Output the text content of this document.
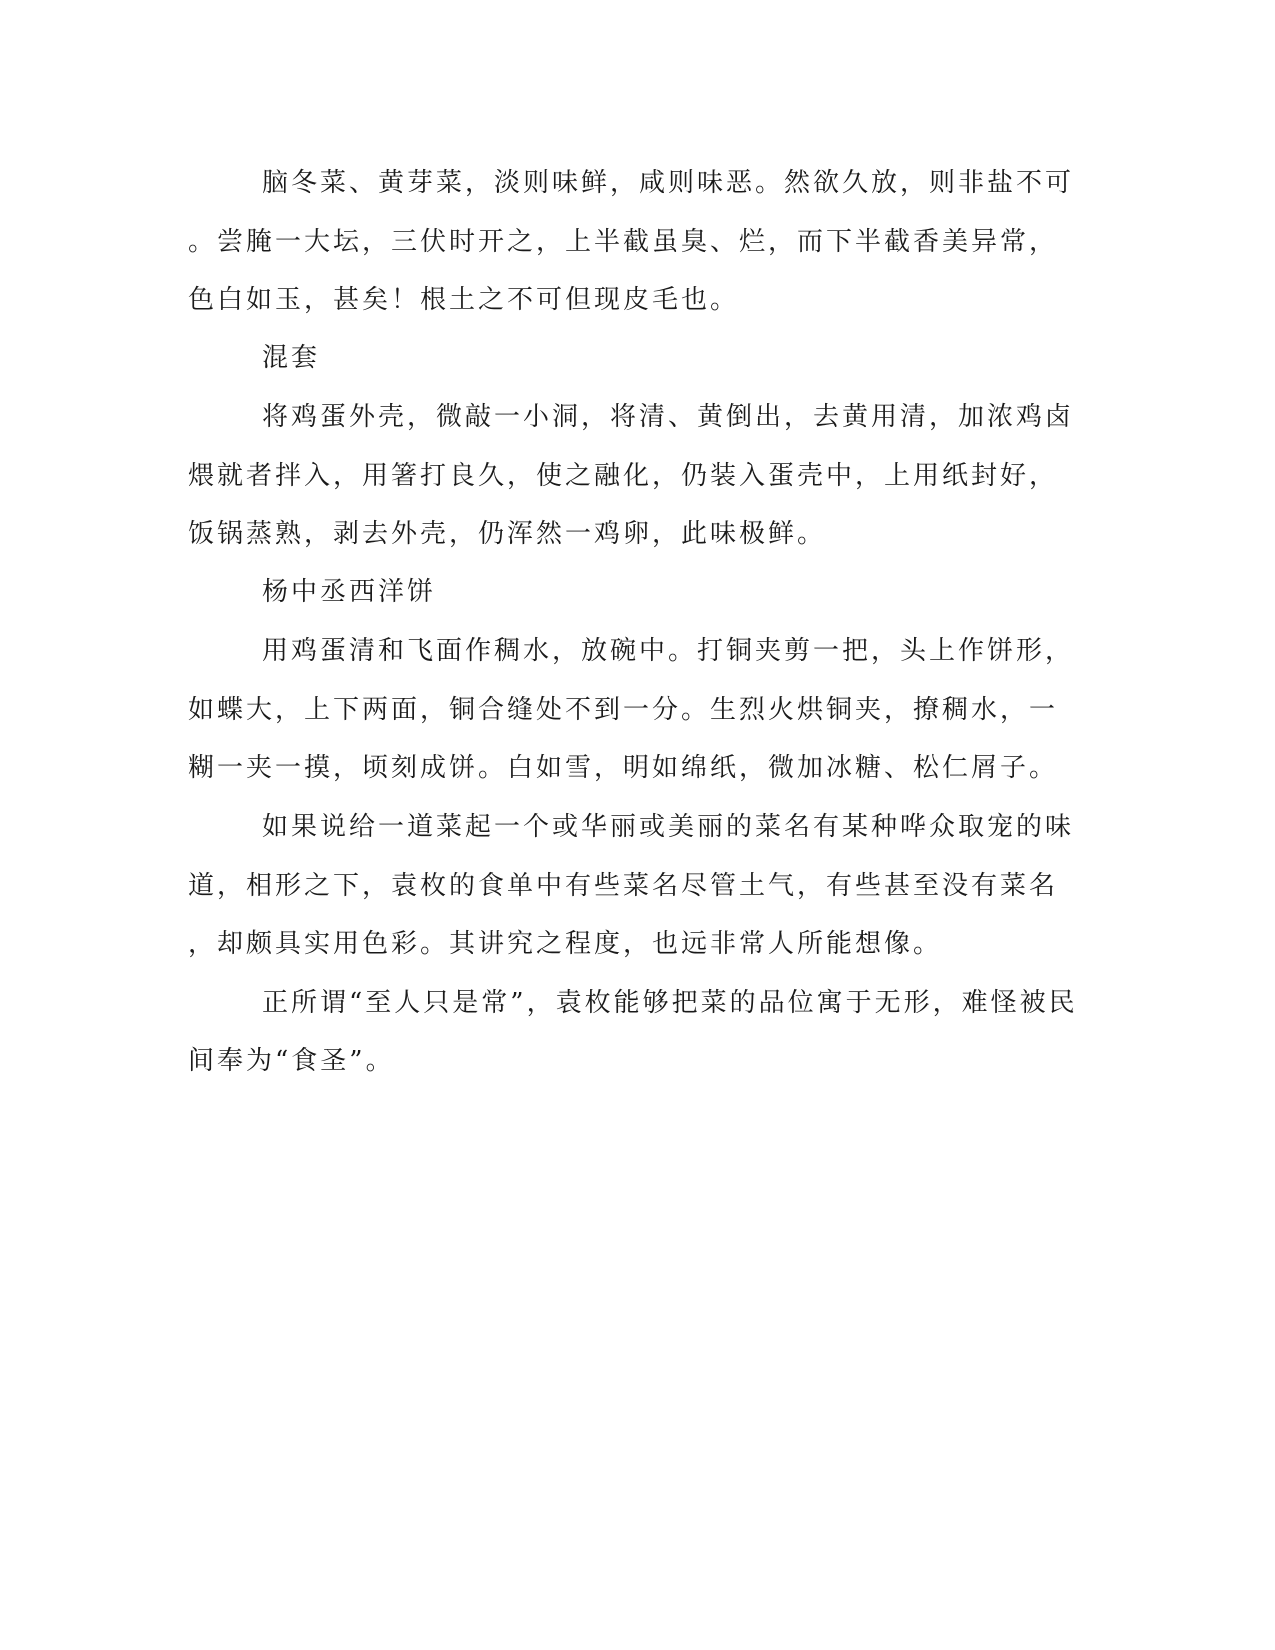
脑冬菜、黄芽菜，淡则味鲜，咸则味恶。然欲久放，则非盐不可
。尝腌一大坛，三伏时开之，上半截虽臭、烂，而下半截香美异常，
色白如玉，甚矣！根土之不可但现皮毛也。
混套
将鸡蛋外壳，微敲一小洞，将清、黄倒出，去黄用清，加浓鸡卤
煨就者拌入，用箸打良久，使之融化，仍装入蛋壳中，上用纸封好，
饭锅蒸熟，剥去外壳，仍浑然一鸡卵，此味极鲜。
杨中丞西洋饼
用鸡蛋清和飞面作稠水，放碗中。打铜夹剪一把，头上作饼形，
如蝶大，上下两面，铜合缝处不到一分。生烈火烘铜夹，撩稠水，一
糊一夹一摸，顷刻成饼。白如雪，明如绵纸，微加冰糖、松仁屑子。
如果说给一道菜起一个或华丽或美丽的菜名有某种哗众取宠的味
道，相形之下，袁枚的食单中有些菜名尽管土气，有些甚至没有菜名
，却颇具实用色彩。其讲究之程度，也远非常人所能想像。
正所谓“至人只是常”，袁枚能够把菜的品位寓于无形，难怪被民
间奉为“食圣”。
